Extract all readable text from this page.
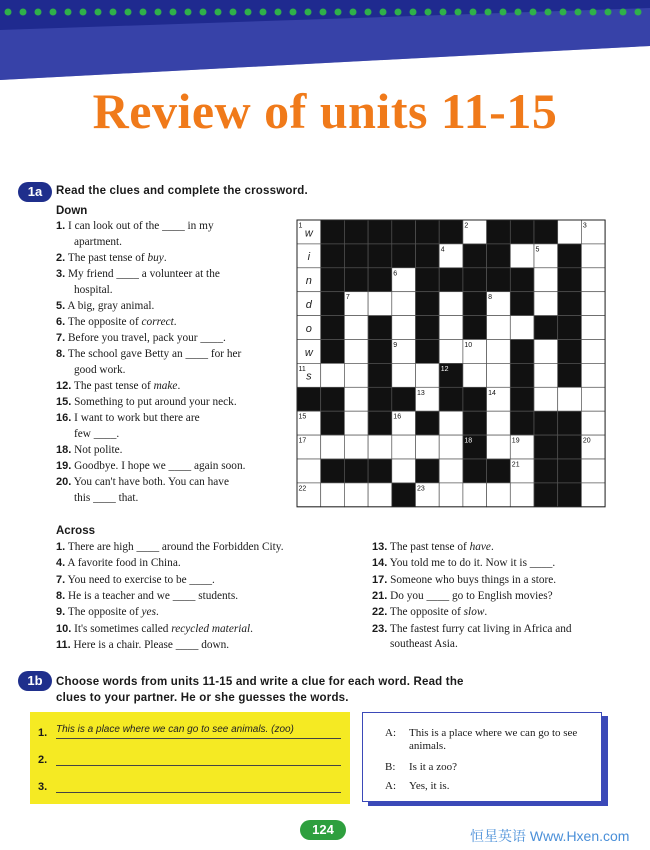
Review of units 11-15
1a	Read the clues and complete the crossword.
Down
1. I can look out of the ____ in my
apartment.
2. The past tense of buy.
3. My friend ____ a volunteer at the
hospital.
5. A big, gray animal.
6. The opposite of correct.
7. Before you travel, pack your ____.
8. The school gave Betty an ____ for her
good work.
12. The past tense of make.
15. Something to put around your neck.
16. I want to work but there are
few ____.
18. Not polite.
19. Goodbye. I hope we ____ again soon.
20. You can't have both. You can have
this ____ that.
1	2	3
4	5
6
7	8
9	10
11	12
13	14
15	16
17	18	19	20
21
22	23
w
i
n
d
o
w
s
Across
1. There are high ____ around the Forbidden City.
4. A favorite food in China.
7. You need to exercise to be ____.
8. He is a teacher and we ____ students.
9. The opposite of yes.
10. It's sometimes called recycled material.
11. Here is a chair. Please ____ down.
13. The past tense of have.
14. You told me to do it. Now it is ____.
17. Someone who buys things in a store.
21. Do you ____ go to English movies?
22. The opposite of slow.
23. The fastest furry cat living in Africa and
southeast Asia.
1b	Choose words from units 11-15 and write a clue for each word. Read the
clues to your partner. He or she guesses the words.
1. This is a place where we can go to see animals. (zoo)
2.
3.
A:	This is a place where we can go to see animals.
B:	Is it a zoo?
A:	Yes, it is.
124	恒星英语 Www.Hxen.com
